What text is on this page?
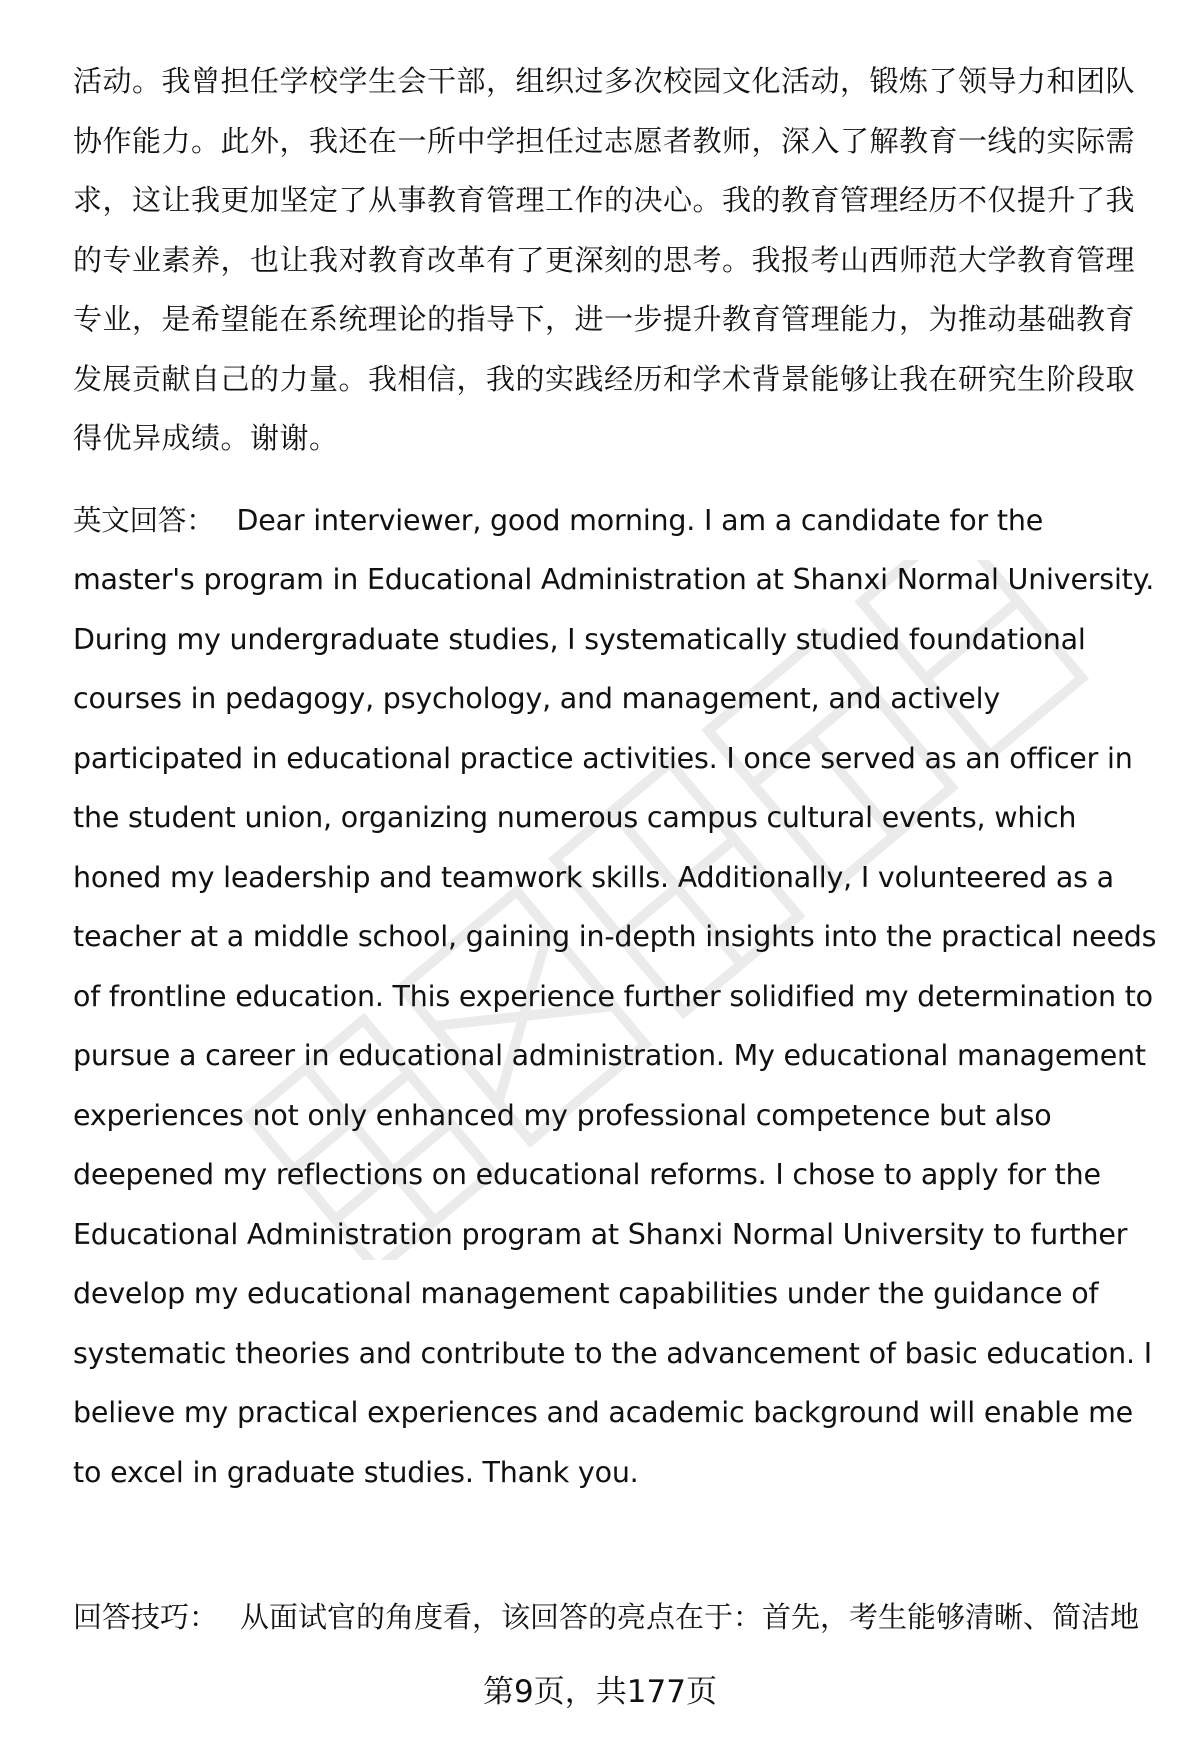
活动。我曾担任学校学生会干部，组织过多次校园文化活动，锻炼了领导力和团队协作能力。此外，我还在一所中学担任过志愿者教师，深入了解教育一线的实际需求，这让我更加坚定了从事教育管理工作的决心。我的教育管理经历不仅提升了我的专业素养，也让我对教育改革有了更深刻的思考。我报考山西师范大学教育管理专业，是希望能在系统理论的指导下，进一步提升教育管理能力，为推动基础教育发展贡献自己的力量。我相信，我的实践经历和学术背景能够让我在研究生阶段取得优异成绩。谢谢。

英文回答： Dear interviewer, good morning. I am a candidate for the master's program in Educational Administration at Shanxi Normal University. During my undergraduate studies, I systematically studied foundational courses in pedagogy, psychology, and management, and actively participated in educational practice activities. I once served as an officer in the student union, organizing numerous campus cultural events, which honed my leadership and teamwork skills. Additionally, I volunteered as a teacher at a middle school, gaining in-depth insights into the practical needs of frontline education. This experience further solidified my determination to pursue a career in educational administration. My educational management experiences not only enhanced my professional competence but also deepened my reflections on educational reforms. I chose to apply for the Educational Administration program at Shanxi Normal University to further develop my educational management capabilities under the guidance of systematic theories and contribute to the advancement of basic education. I believe my practical experiences and academic background will enable me to excel in graduate studies. Thank you.

回答技巧： 从面试官的角度看，该回答的亮点在于：首先，考生能够清晰、简洁地
第9页，共177页
